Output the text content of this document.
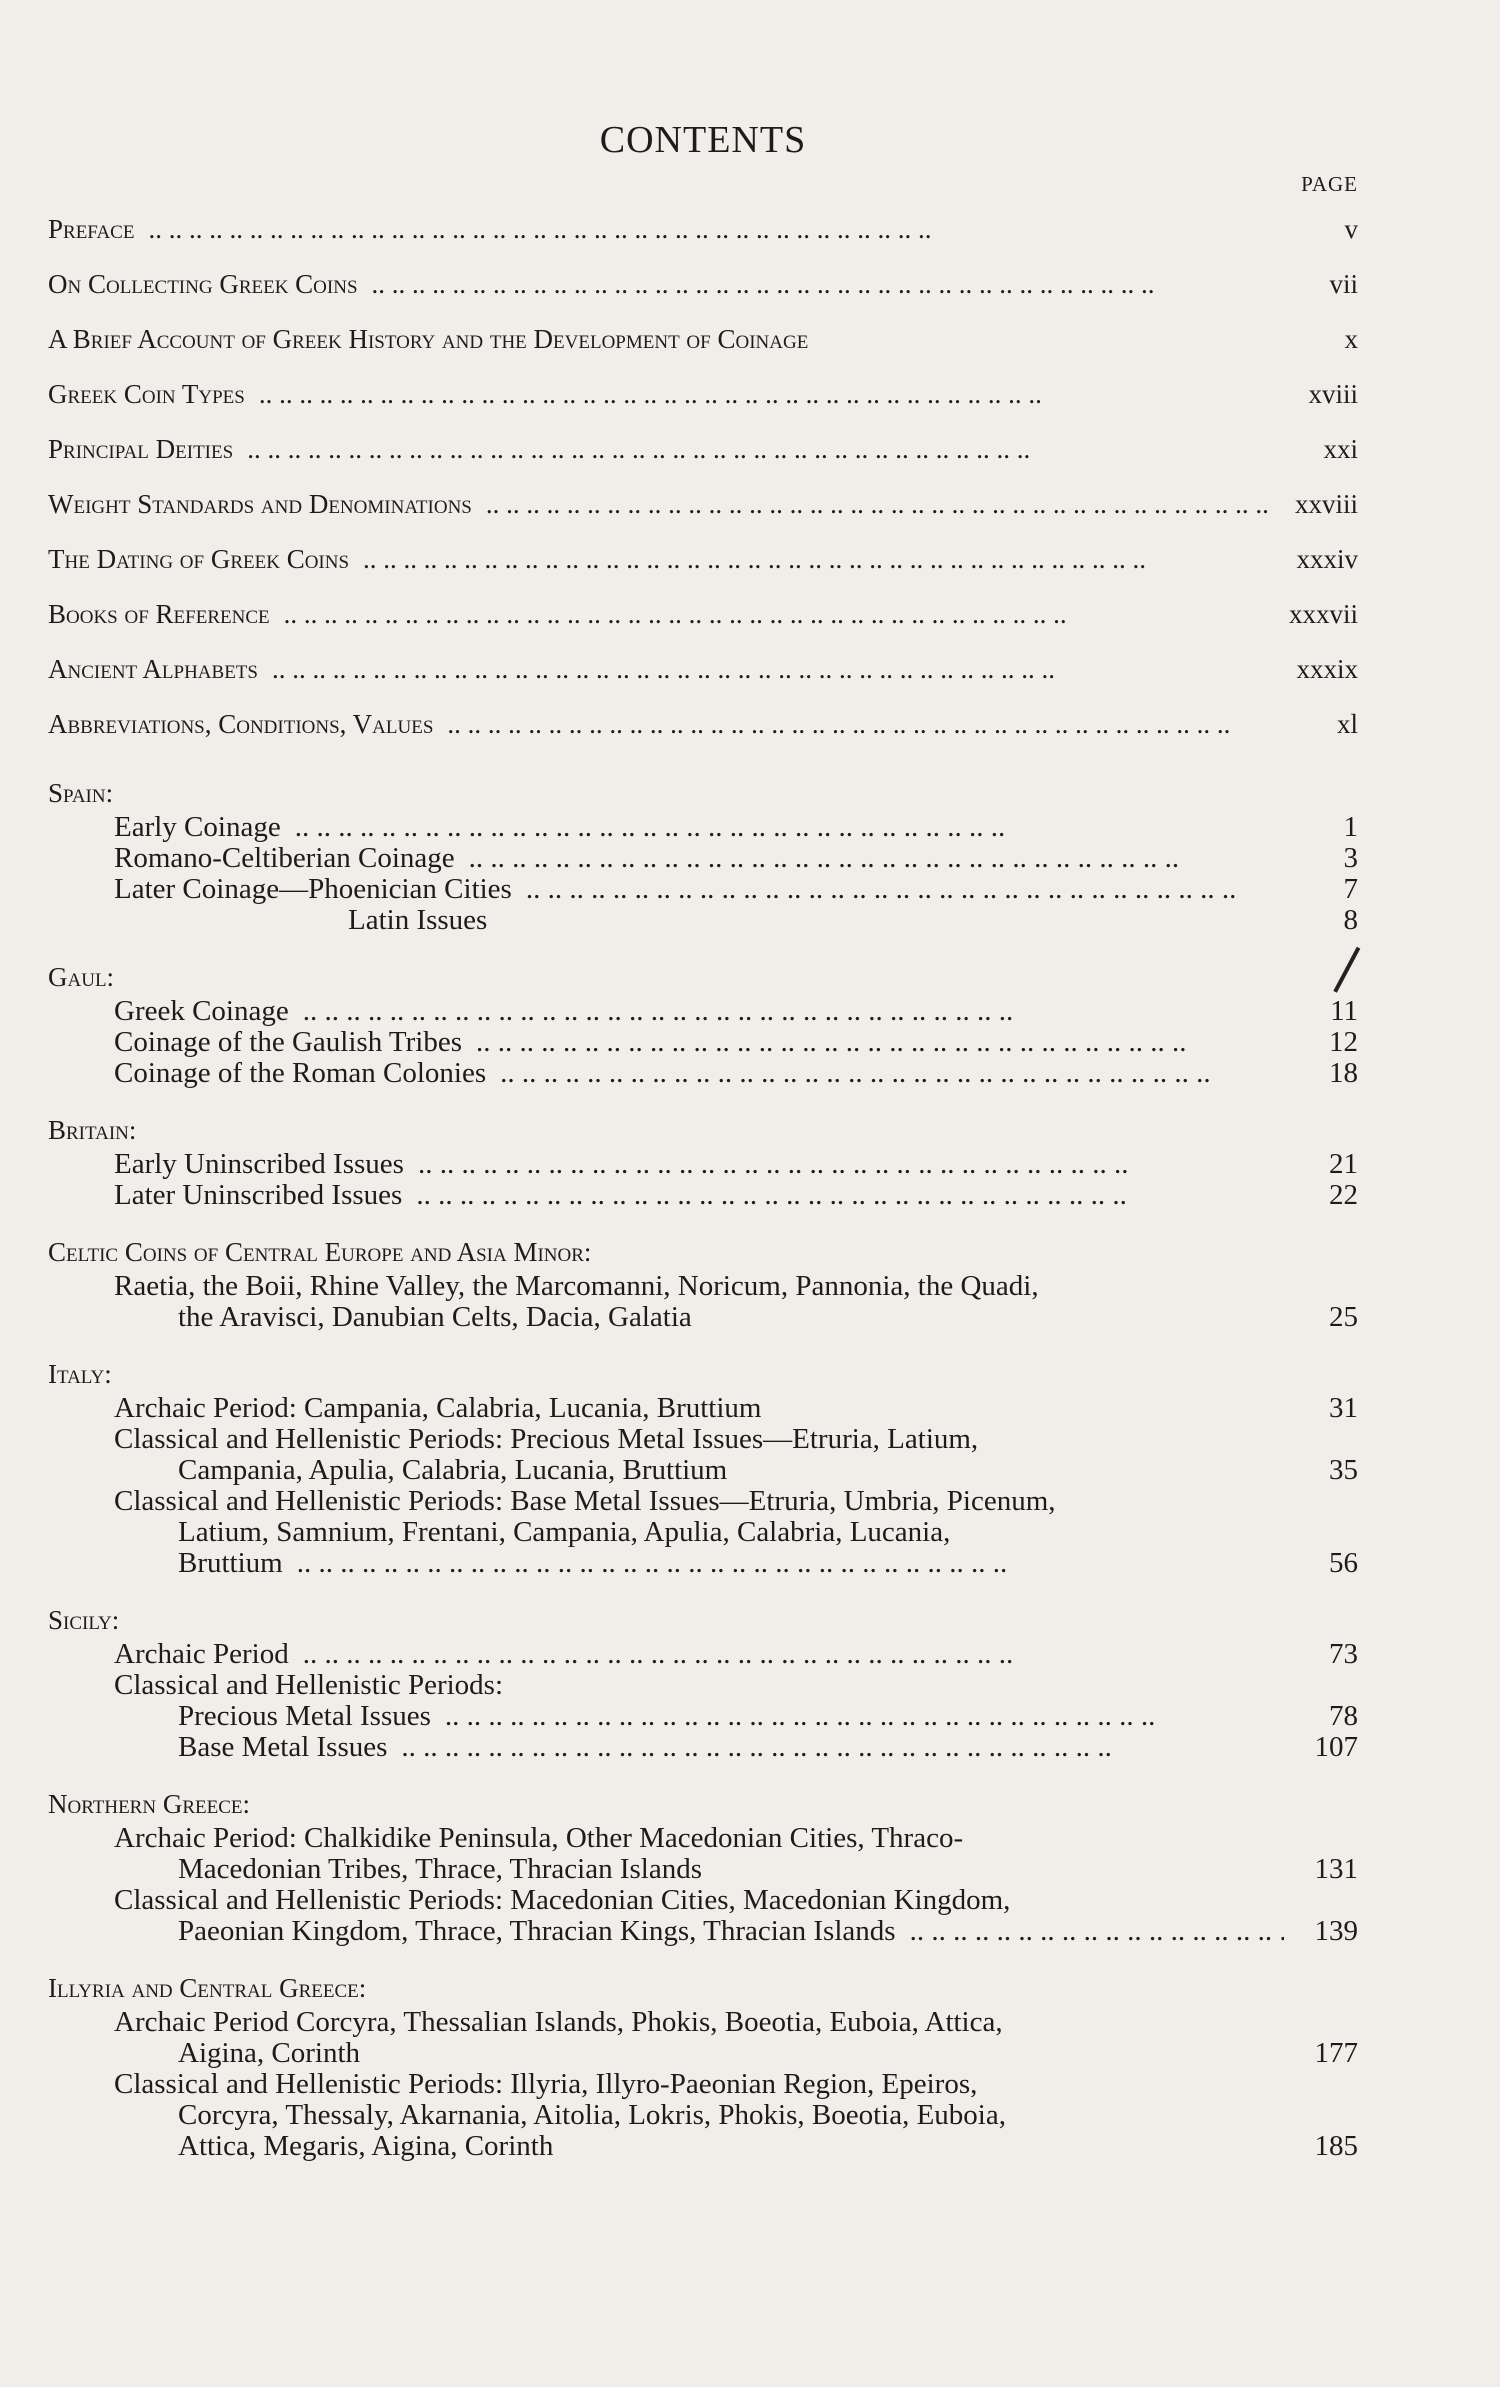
CONTENTS
PAGE
Preface .. .	v
On Collecting Greek Coins .. .	vii
A Brief Account of Greek History and the Development of Coinage	x
Greek Coin Types .. .	xviii
Principal Deities .. .	xxi
Weight Standards and Denominations .. .	xxviii
The Dating of Greek Coins .. .	xxxiv
Books of Reference .. .	xxxvii
Ancient Alphabets .. .	xxxix
Abbreviations, Conditions, Values .. .	xl
Spain:
Early Coinage .. .	1
Romano-Celtiberian Coinage .. .	3
Later Coinage—Phoenician Cities .. .	7
Latin Issues	8
Gaul:
Greek Coinage .. .	11
Coinage of the Gaulish Tribes .. .	12
Coinage of the Roman Colonies .. .	18
Britain:
Early Uninscribed Issues .. .	21
Later Uninscribed Issues .. .	22
Celtic Coins of Central Europe and Asia Minor:
Raetia, the Boii, Rhine Valley, the Marcomanni, Noricum, Pannonia, the Quadi,
the Aravisci, Danubian Celts, Dacia, Galatia	25
Italy:
Archaic Period: Campania, Calabria, Lucania, Bruttium	31
Classical and Hellenistic Periods: Precious Metal Issues—Etruria, Latium,
Campania, Apulia, Calabria, Lucania, Bruttium	35
Classical and Hellenistic Periods: Base Metal Issues—Etruria, Umbria, Picenum,
Latium, Samnium, Frentani, Campania, Apulia, Calabria, Lucania,
Bruttium .. .	56
Sicily:
Archaic Period .. .	73
Classical and Hellenistic Periods:
Precious Metal Issues .. .	78
Base Metal Issues .. .	107
Northern Greece:
Archaic Period: Chalkidike Peninsula, Other Macedonian Cities, Thraco-
Macedonian Tribes, Thrace, Thracian Islands	131
Classical and Hellenistic Periods: Macedonian Cities, Macedonian Kingdom,
Paeonian Kingdom, Thrace, Thracian Kings, Thracian Islands .. .	139
Illyria and Central Greece:
Archaic Period Corcyra, Thessalian Islands, Phokis, Boeotia, Euboia, Attica,
Aigina, Corinth	177
Classical and Hellenistic Periods: Illyria, Illyro-Paeonian Region, Epeiros,
Corcyra, Thessaly, Akarnania, Aitolia, Lokris, Phokis, Boeotia, Euboia,
Attica, Megaris, Aigina, Corinth	185
